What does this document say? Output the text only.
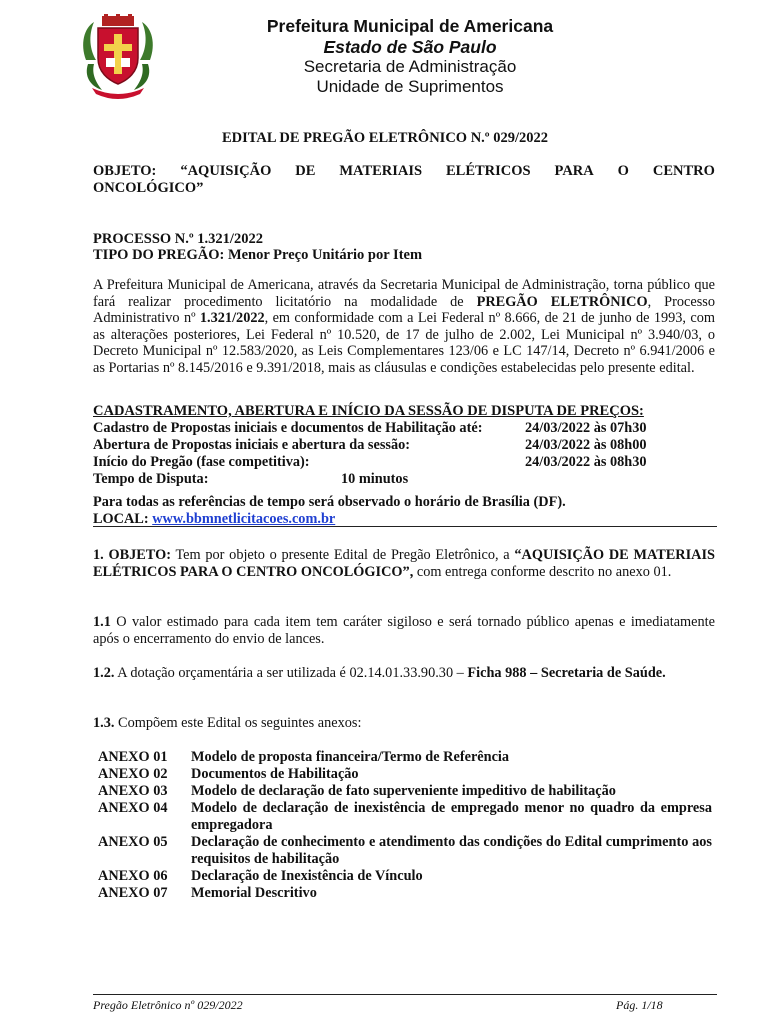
Prefeitura Municipal de Americana
Estado de São Paulo
Secretaria de Administração
Unidade de Suprimentos
EDITAL DE PREGÃO ELETRÔNICO N.º 029/2022
OBJETO: “AQUISIÇÃO DE MATERIAIS ELÉTRICOS PARA O CENTRO
ONCOLÓGICO”
PROCESSO N.º 1.321/2022
TIPO DO PREGÃO: Menor Preço Unitário por Item
A Prefeitura Municipal de Americana, através da Secretaria Municipal de Administração, torna público que fará realizar procedimento licitatório na modalidade de PREGÃO ELETRÔNICO, Processo Administrativo nº 1.321/2022, em conformidade com a Lei Federal nº 8.666, de 21 de junho de 1993, com as alterações posteriores, Lei Federal nº 10.520, de 17 de julho de 2.002, Lei Municipal nº 3.940/03, o Decreto Municipal nº 12.583/2020, as Leis Complementares 123/06 e LC 147/14, Decreto nº 6.941/2006 e as Portarias nº 8.145/2016 e 9.391/2018, mais as cláusulas e condições estabelecidas pelo presente edital.
CADASTRAMENTO, ABERTURA E INÍCIO DA SESSÃO DE DISPUTA DE PREÇOS:
Cadastro de Propostas iniciais e documentos de Habilitação até:	24/03/2022 às 07h30
Abertura de Propostas iniciais e abertura da sessão:	24/03/2022 às 08h00
Início do Pregão (fase competitiva):	24/03/2022 às 08h30
Tempo de Disputa:	10 minutos
Para todas as referências de tempo será observado o horário de Brasília (DF).
LOCAL: www.bbmnetlicitacoes.com.br
1. OBJETO: Tem por objeto o presente Edital de Pregão Eletrônico, a “AQUISIÇÃO DE MATERIAIS ELÉTRICOS PARA O CENTRO ONCOLÓGICO”, com entrega conforme descrito no anexo 01.
1.1 O valor estimado para cada item tem caráter sigiloso e será tornado público apenas e imediatamente após o encerramento do envio de lances.
1.2. A dotação orçamentária a ser utilizada é 02.14.01.33.90.30 – Ficha 988 – Secretaria de Saúde.
1.3. Compõem este Edital os seguintes anexos:
ANEXO 01 Modelo de proposta financeira/Termo de Referência
ANEXO 02 Documentos de Habilitação
ANEXO 03 Modelo de declaração de fato superveniente impeditivo de habilitação
ANEXO 04 Modelo de declaração de inexistência de empregado menor no quadro da empresa empregadora
ANEXO 05 Declaração de conhecimento e atendimento das condições do Edital cumprimento aos requisitos de habilitação
ANEXO 06 Declaração de Inexistência de Vínculo
ANEXO 07 Memorial Descritivo
Pregão Eletrônico nº 029/2022	Pág. 1/18
